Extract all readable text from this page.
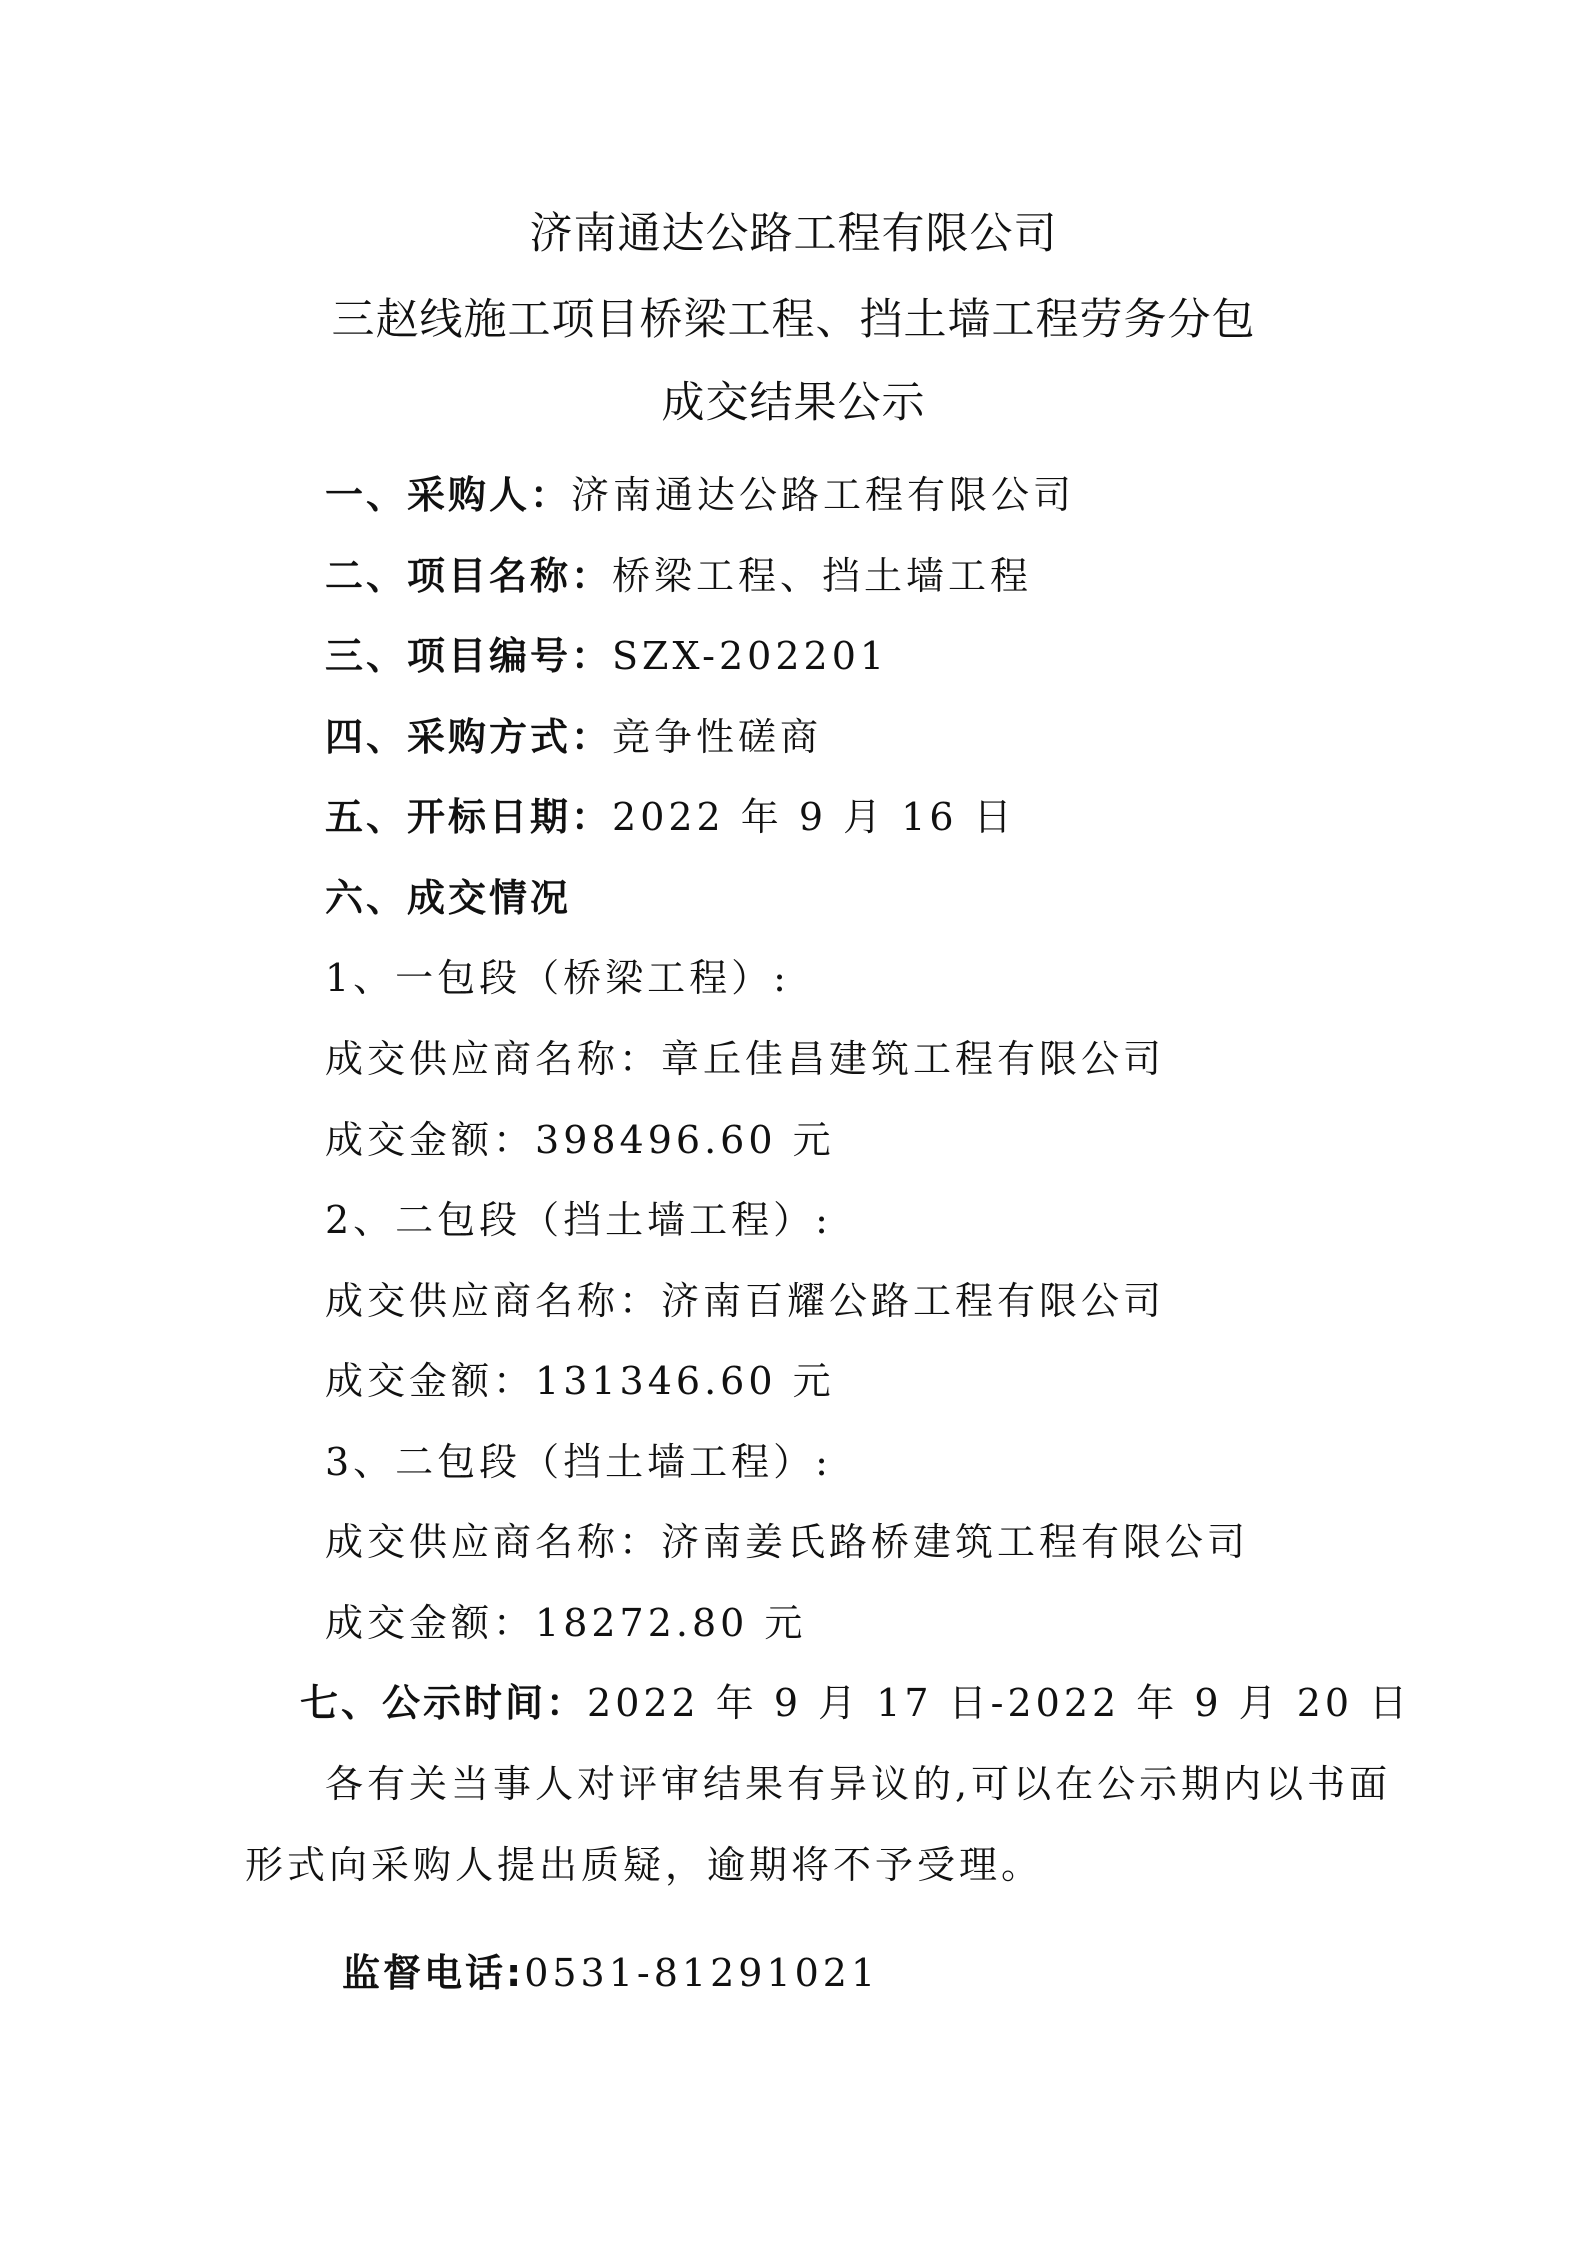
济南通达公路工程有限公司
三赵线施工项目桥梁工程、挡土墙工程劳务分包
成交结果公示
一、采购人：济南通达公路工程有限公司
二、项目名称：桥梁工程、挡土墙工程
三、项目编号：SZX-202201
四、采购方式：竞争性磋商
五、开标日期：2022 年 9 月 16 日
六、成交情况
1、一包段（桥梁工程）:
成交供应商名称：章丘佳昌建筑工程有限公司
成交金额：398496.60 元
2、二包段（挡土墙工程）:
成交供应商名称：济南百耀公路工程有限公司
成交金额：131346.60 元
3、二包段（挡土墙工程）:
成交供应商名称：济南姜氏路桥建筑工程有限公司
成交金额：18272.80 元
七、公示时间：2022 年 9 月 17 日-2022 年 9 月 20 日
各有关当事人对评审结果有异议的,可以在公示期内以书面
形式向采购人提出质疑，逾期将不予受理。
监督电话:0531-81291021
